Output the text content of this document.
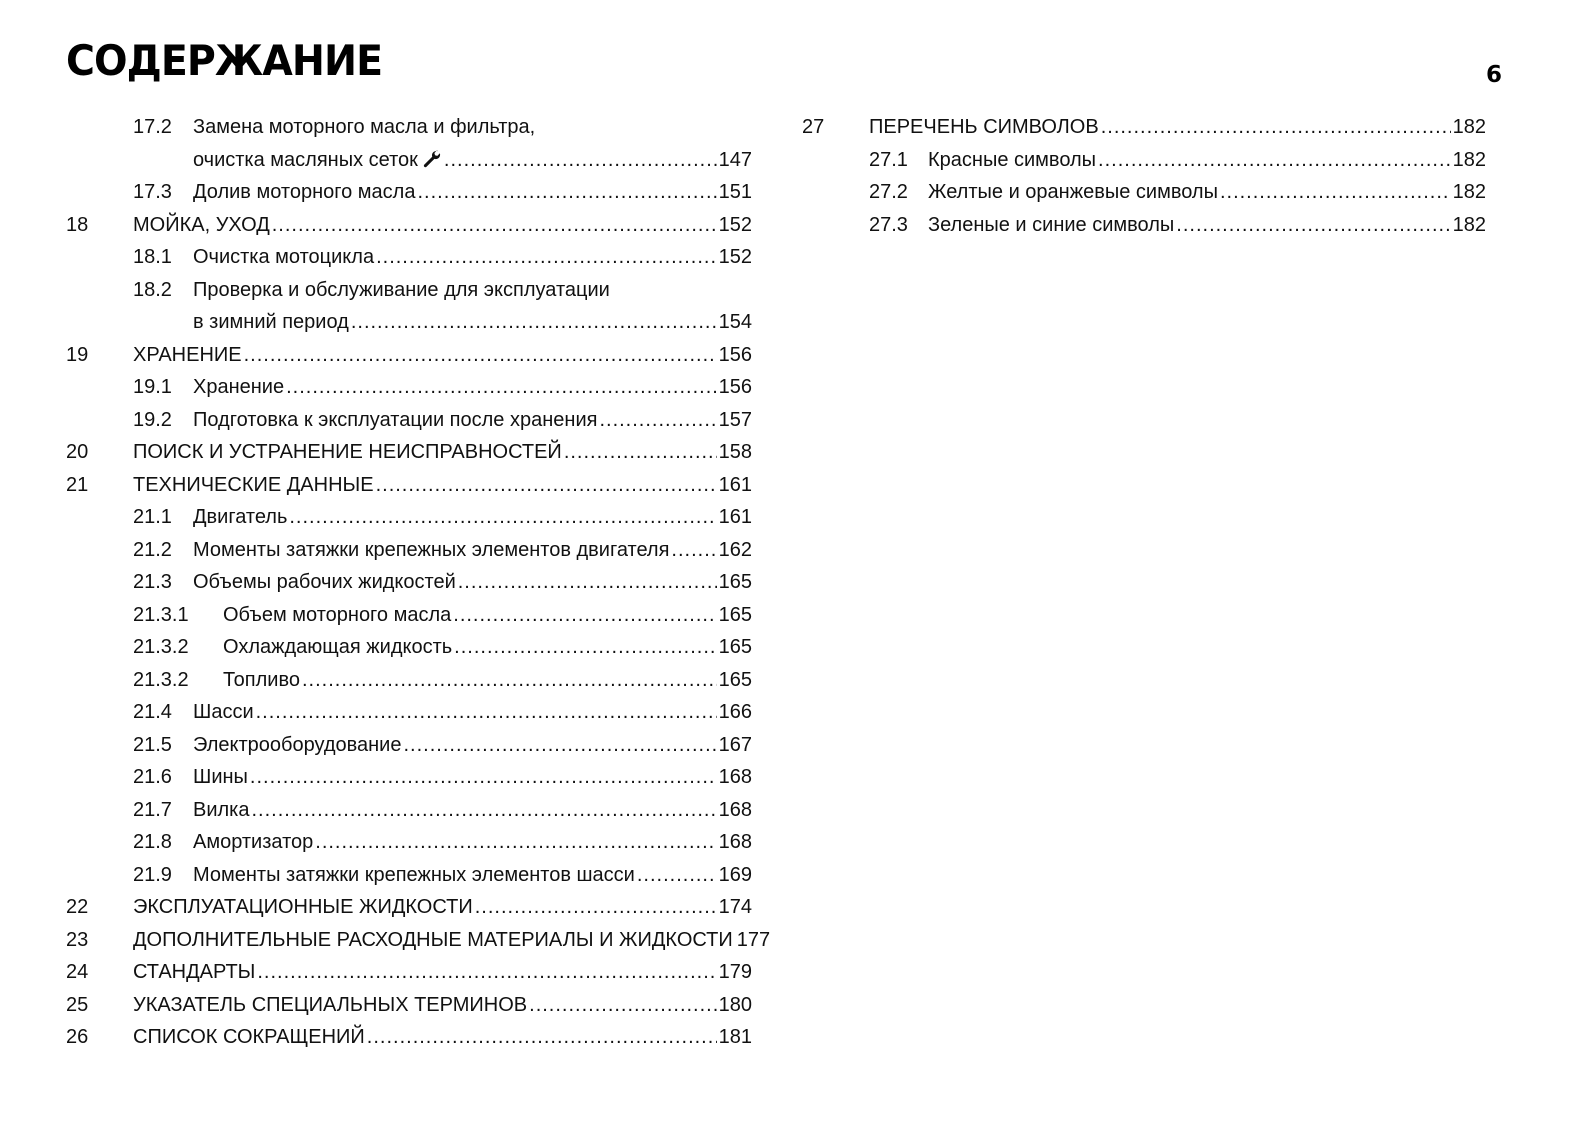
СОДЕРЖАНИЕ	6
17.2 Замена моторного масла и фильтра,
очистка масляных сеток .....	147
17.3 Долив моторного масла .....	151
18 МОЙКА, УХОД .....	152
18.1 Очистка мотоцикла .....	152
18.2 Проверка и обслуживание для эксплуатации
в зимний период .....	154
19 ХРАНЕНИЕ .....	156
19.1 Хранение .....	156
19.2 Подготовка к эксплуатации после хранения .....	157
20 ПОИСК И УСТРАНЕНИЕ НЕИСПРАВНОСТЕЙ .....	158
21 ТЕХНИЧЕСКИЕ ДАННЫЕ .....	161
21.1 Двигатель .....	161
21.2 Моменты затяжки крепежных элементов двигателя ..... 162
21.3 Объемы рабочих жидкостей .....	165
21.3.1 Объем моторного масла .....	165
21.3.2 Охлаждающая жидкость .....	165
21.3.2 Топливо .....	165
21.4 Шасси .....	166
21.5 Электрооборудование .....	167
21.6 Шины .....	168
21.7 Вилка .....	168
21.8 Амортизатор .....	168
21.9 Моменты затяжки крепежных элементов шасси .....	169
22 ЭКСПЛУАТАЦИОННЫЕ ЖИДКОСТИ .....	174
23 ДОПОЛНИТЕЛЬНЫЕ РАСХОДНЫЕ МАТЕРИАЛЫ И ЖИДКОСТИ 177
24 СТАНДАРТЫ .....	179
25 УКАЗАТЕЛЬ СПЕЦИАЛЬНЫХ ТЕРМИНОВ .....	180
26 СПИСОК СОКРАЩЕНИЙ .....	181
27 ПЕРЕЧЕНЬ СИМВОЛОВ .....	182
27.1 Красные символы .....	182
27.2 Желтые и оранжевые символы .....	182
27.3 Зеленые и синие символы .....	182
